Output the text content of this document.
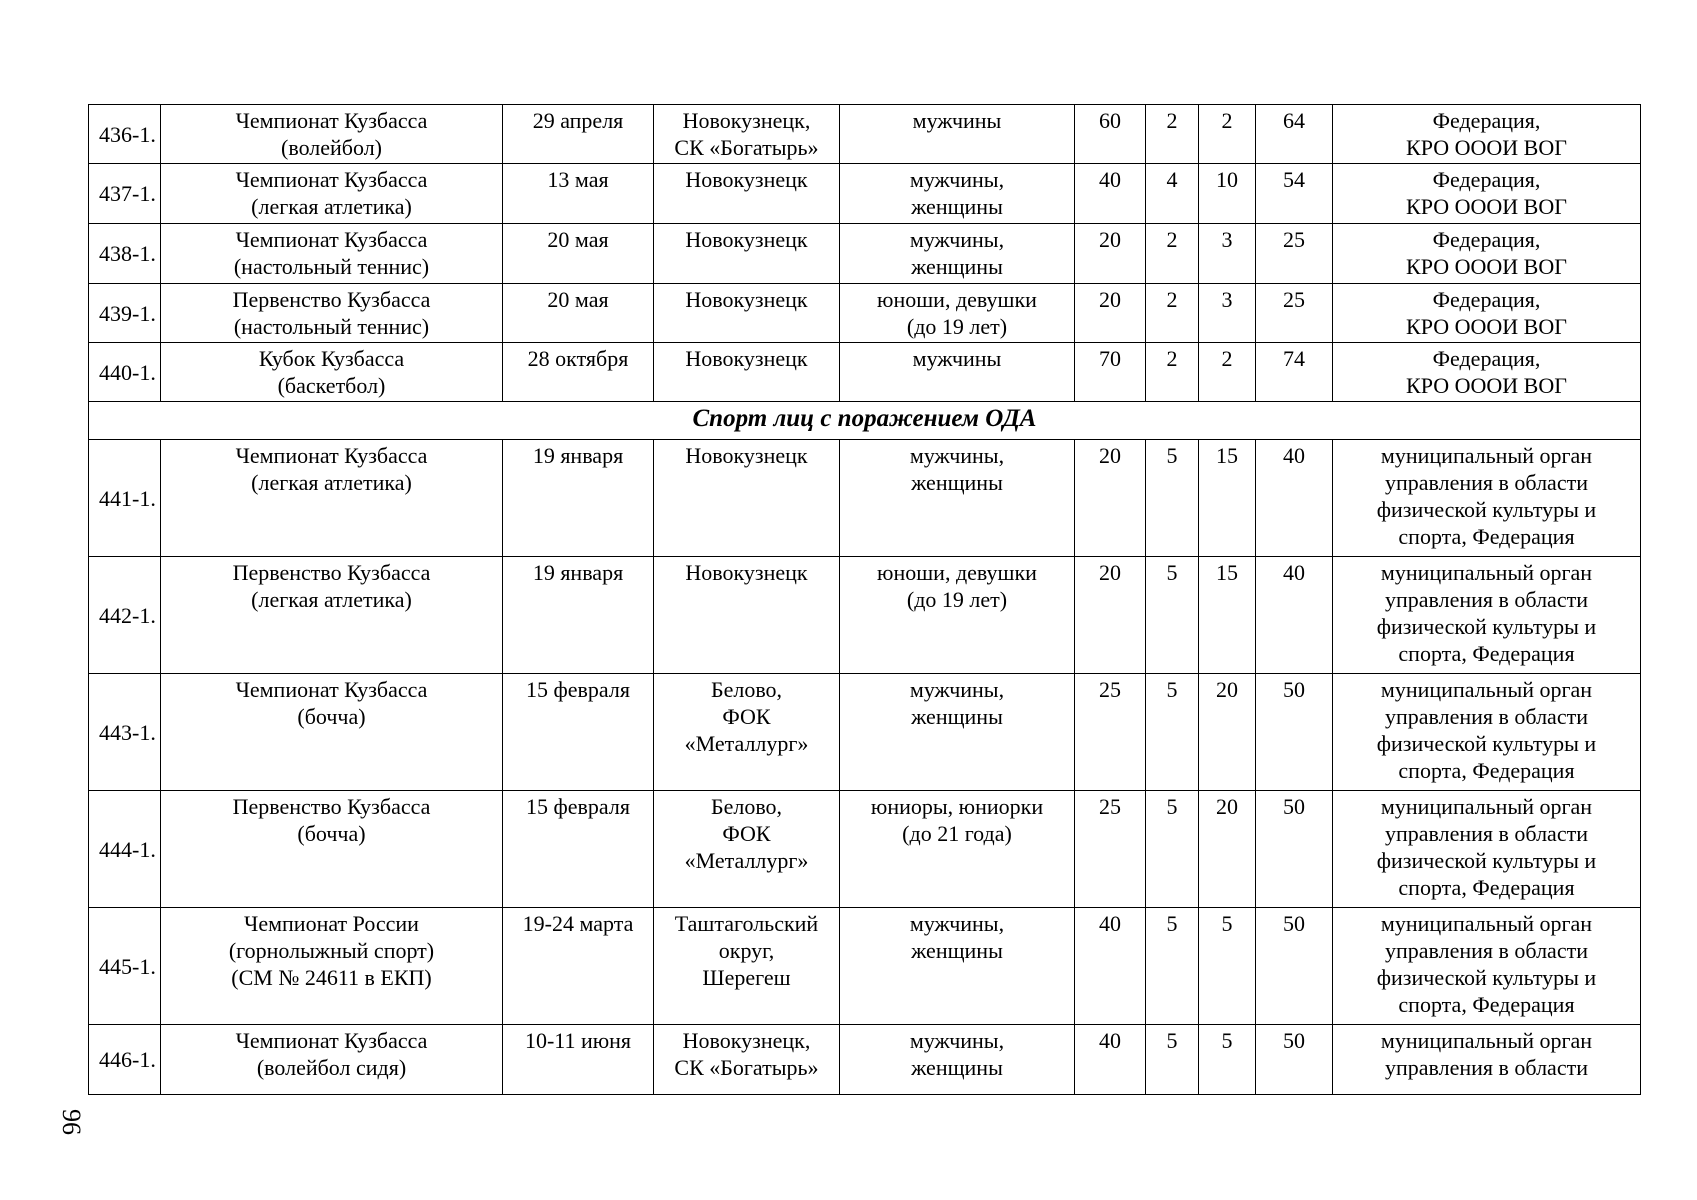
436-1.	Чемпионат Кузбасса
(волейбол)	29 апреля	Новокузнецк,
СК «Богатырь»	мужчины	60	2	2	64	Федерация,
КРО ОООИ ВОГ

437-1.	Чемпионат Кузбасса
(легкая атлетика)	13 мая	Новокузнецк	мужчины,
женщины	40	4	10	54	Федерация,
КРО ОООИ ВОГ

438-1.	Чемпионат Кузбасса
(настольный теннис)	20 мая	Новокузнецк	мужчины,
женщины	20	2	3	25	Федерация,
КРО ОООИ ВОГ

439-1.	Первенство Кузбасса
(настольный теннис)	20 мая	Новокузнецк	юноши, девушки
(до 19 лет)	20	2	3	25	Федерация,
КРО ОООИ ВОГ

440-1.	Кубок Кузбасса
(баскетбол)	28 октября	Новокузнецк	мужчины	70	2	2	74	Федерация,
КРО ОООИ ВОГ

Спорт лиц с поражением ОДА									
441-1.	Чемпионат Кузбасса
(легкая атлетика)	19 января	Новокузнецк	мужчины,
женщины	20	5	15	40	муниципальный орган
управления в области
физической культуры и
спорта, Федерация

442-1.	Первенство Кузбасса
(легкая атлетика)	19 января	Новокузнецк	юноши, девушки
(до 19 лет)	20	5	15	40	муниципальный орган
управления в области
физической культуры и
спорта, Федерация

443-1.	Чемпионат Кузбасса
(бочча)	15 февраля	Белово,
ФОК
«Металлург»	мужчины,
женщины	25	5	20	50	муниципальный орган
управления в области
физической культуры и
спорта, Федерация

444-1.	Первенство Кузбасса
(бочча)	15 февраля	Белово,
ФОК
«Металлург»	юниоры, юниорки
(до 21 года)	25	5	20	50	муниципальный орган
управления в области
физической культуры и
спорта, Федерация

445-1.	Чемпионат России
(горнолыжный спорт)
(СМ № 24611 в ЕКП)	19-24 марта	Таштагольский
округ,
Шерегеш	мужчины,
женщины	40	5	5	50	муниципальный орган
управления в области
физической культуры и
спорта, Федерация

446-1.	Чемпионат Кузбасса
(волейбол сидя)	10-11 июня	Новокузнецк,
СК «Богатырь»	мужчины,
женщины	40	5	5	50	муниципальный орган
управления в области
96
